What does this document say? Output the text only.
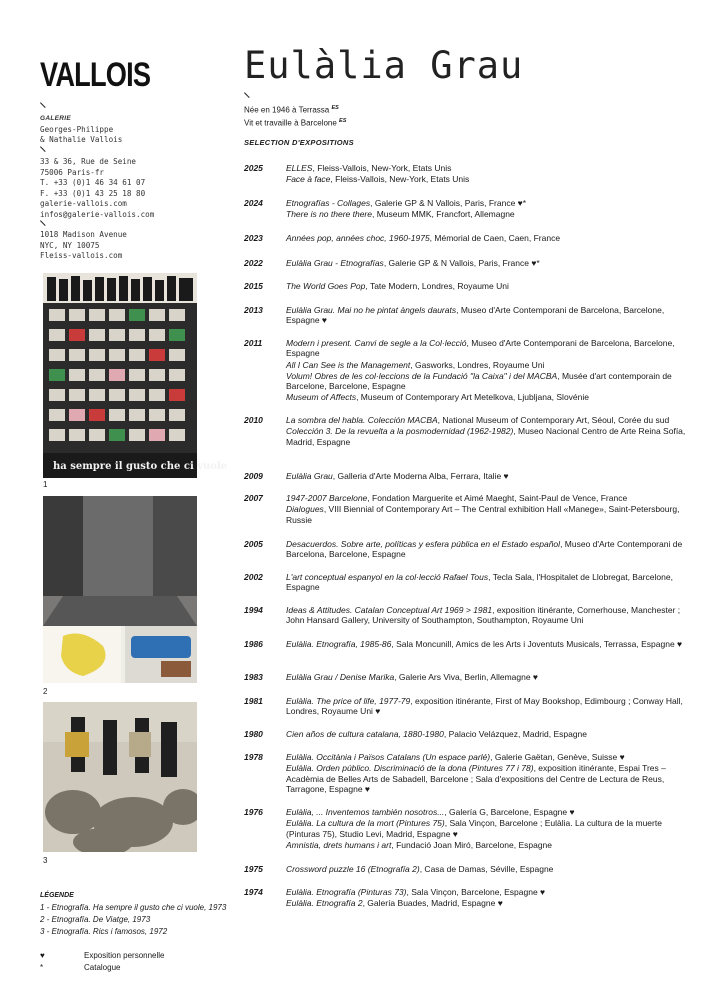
VALLOIS
GALERIE
Georges-Philippe
& Nathalie Vallois
33 & 36, Rue de Seine
75006 Paris-fr
T. +33 (0)1 46 34 61 07
F. +33 (0)1 43 25 18 80
galerie-vallois.com
infos@galerie-vallois.com
1018 Madison Avenue
NYC, NY 10075
Fleiss-vallois.com
ha sempre il gusto che ci vuole
1
2
3
LÉGENDE
1 - Etnografía. Ha sempre il gusto che ci vuole, 1973
2 - Etnografía. De Viatge, 1973
3 - Etnografía. Rics i famosos, 1972
♥	Exposition personnelle
*	Catalogue
Eulàlia Grau
Née en 1946 à Terrassa $^{ES}$
Vit et travaille à Barcelone $^{ES}$
SELECTION D'EXPOSITIONS
2025	ELLES, Fleiss-Vallois, New-York, Etats Unis
Face à face, Fleiss-Vallois, New-York, Etats Unis
2024	Etnografías - Collages, Galerie GP & N Vallois, Paris, France ♥*
There is no there there, Museum MMK, Francfort, Allemagne
2023	Années pop, années choc, 1960-1975, Mémorial de Caen, Caen, France
2022	Eulàlia Grau - Etnografías, Galerie GP & N Vallois, Paris, France ♥*
2015	The World Goes Pop, Tate Modern, Londres, Royaume Uni
2013	Eulàlia Grau. Mai no he pintat àngels daurats, Museo d'Arte Contemporani de Barcelona, Barcelone, Espagne ♥
2011	Modern i present. Canvi de segle a la Col·lecció, Museo d'Arte Contemporani de Barcelona, Barcelone, Espagne
All I Can See is the Management, Gasworks, Londres, Royaume Uni
Volum! Obres de les col·leccions de la Fundació "la Caixa" i del MACBA, Musée d'art contemporain de Barcelone, Barcelone, Espagne
Museum of Affects, Museum of Contemporary Art Metelkova, Ljubljana, Slovénie
2010	La sombra del habla. Colección MACBA, National Museum of Contemporary Art, Séoul, Corée du sud
Colección 3. De la revuelta a la posmodernidad (1962-1982), Museo Nacional Centro de Arte Reina Sofía, Madrid, Espagne
2009	Eulàlia Grau, Galleria d'Arte Moderna Alba, Ferrara, Italie ♥
2007	1947-2007 Barcelone, Fondation Marguerite et Aimé Maeght, Saint-Paul de Vence, France
Dialogues, VIII Biennial of Contemporary Art – The Central exhibition Hall «Manege», Saint-Petersbourg, Russie
2005	Desacuerdos. Sobre arte, políticas y esfera pública en el Estado español, Museo d'Arte Contemporani de Barcelona, Barcelone, Espagne
2002	L'art conceptual espanyol en la col·lecció Rafael Tous, Tecla Sala, l'Hospitalet de Llobregat, Barcelone, Espagne
1994	Ideas & Attitudes. Catalan Conceptual Art 1969 > 1981, exposition itinérante, Cornerhouse, Manchester ; John Hansard Gallery, University of Southampton, Southampton, Royaume Uni
1986	Eulàlia. Etnografía, 1985-86, Sala Moncunill, Amics de les Arts i Joventuts Musicals, Terrassa, Espagne ♥
1983	Eulàlia Grau / Denise Marika, Galerie Ars Viva, Berlin, Allemagne ♥
1981	Eulàlia. The price of life, 1977-79, exposition itinérante, First of May Bookshop, Edimbourg ; Conway Hall, Londres, Royaume Uni ♥
1980	Cien años de cultura catalana, 1880-1980, Palacio Velázquez, Madrid, Espagne
1978	Eulàlia. Occitània i Països Catalans (Un espace parlé), Galerie Gaëtan, Genève, Suisse ♥
Eulàlia. Orden públicо. Discriminació de la dona (Pintures 77 i 78), exposition itinérante, Espai Tres – Acadèmia de Belles Arts de Sabadell, Barcelone ; Sala d'expositions del Centre de Lectura de Reus, Tarragone, Espagne ♥
1976	Eulàlia, ... Inventemos también nosotros..., Galería G, Barcelone, Espagne ♥
Eulàlia. La cultura de la mort (Pintures 75), Sala Vinçon, Barcelone ; Eulàlia. La cultura de la muerte (Pinturas 75), Studio Levi, Madrid, Espagne ♥
Amnistia, drets humans i art, Fundació Joan Miró, Barcelone, Espagne
1975	Crossword puzzle 16 (Etnografía 2), Casa de Damas, Séville, Espagne
1974	Eulàlia. Etnografía (Pinturas 73), Sala Vinçon, Barcelone, Espagne ♥
Eulàlia. Etnografía 2, Galería Buades, Madrid, Espagne ♥
